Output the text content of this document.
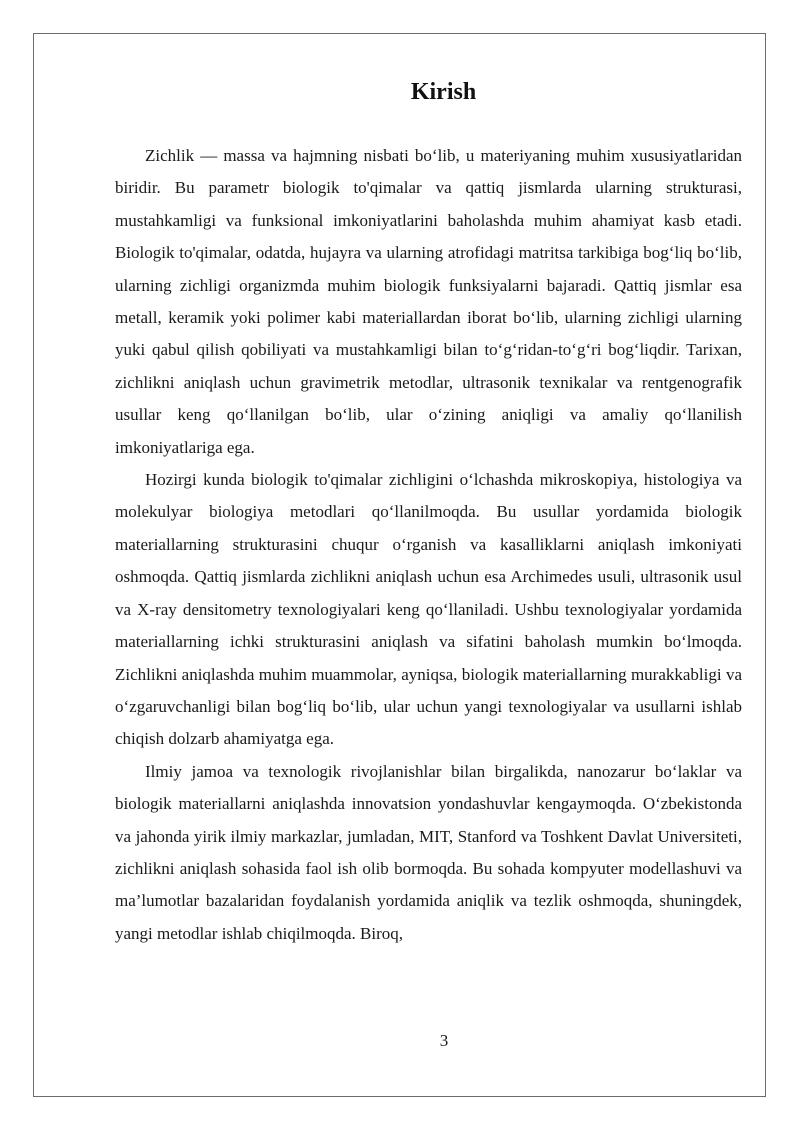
Kirish

Zichlik — massa va hajmning nisbati bo‘lib, u materiyaning muhim xususiyatlaridan biridir. Bu parametr biologik to'qimalar va qattiq jismlarda ularning strukturasi, mustahkamligi va funksional imkoniyatlarini baholashda muhim ahamiyat kasb etadi. Biologik to'qimalar, odatda, hujayra va ularning atrofidagi matritsa tarkibiga bog‘liq bo‘lib, ularning zichligi organizmda muhim biologik funksiyalarni bajaradi. Qattiq jismlar esa metall, keramik yoki polimer kabi materiallardan iborat bo‘lib, ularning zichligi ularning yuki qabul qilish qobiliyati va mustahkamligi bilan to‘g‘ridan-to‘g‘ri bog‘liqdir. Tarixan, zichlikni aniqlash uchun gravimetrik metodlar, ultrasonik texnikalar va rentgenografik usullar keng qo‘llanilgan bo‘lib, ular o‘zining aniqligi va amaliy qo‘llanilish imkoniyatlariga ega.

Hozirgi kunda biologik to'qimalar zichligini o‘lchashda mikroskopiya, histologiya va molekulyar biologiya metodlari qo‘llanilmoqda. Bu usullar yordamida biologik materiallarning strukturasini chuqur o‘rganish va kasalliklarni aniqlash imkoniyati oshmoqda. Qattiq jismlarda zichlikni aniqlash uchun esa Archimedes usuli, ultrasonik usul va X-ray densitometry texnologiyalari keng qo‘llaniladi. Ushbu texnologiyalar yordamida materiallarning ichki strukturasini aniqlash va sifatini baholash mumkin bo‘lmoqda. Zichlikni aniqlashda muhim muammolar, ayniqsa, biologik materiallarning murakkabligi va o‘zgaruvchanligi bilan bog‘liq bo‘lib, ular uchun yangi texnologiyalar va usullarni ishlab chiqish dolzarb ahamiyatga ega.

Ilmiy jamoa va texnologik rivojlanishlar bilan birgalikda, nanozarur bo‘laklar va biologik materiallarni aniqlashda innovatsion yondashuvlar kengaymoqda. O‘zbekistonda va jahonda yirik ilmiy markazlar, jumladan, MIT, Stanford va Toshkent Davlat Universiteti, zichlikni aniqlash sohasida faol ish olib bormoqda. Bu sohada kompyuter modellashuvi va ma’lumotlar bazalaridan foydalanish yordamida aniqlik va tezlik oshmoqda, shuningdek, yangi metodlar ishlab chiqilmoqda. Biroq,

3
